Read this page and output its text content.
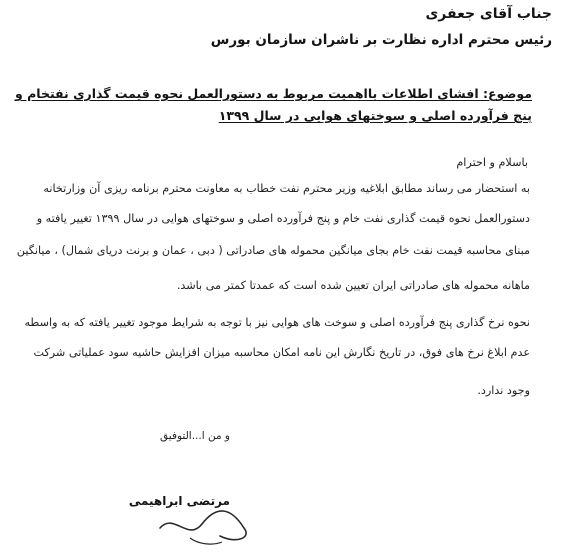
جناب آقای جعفری
رئیس محترم اداره نظارت بر ناشران سازمان بورس
موضوع: افشای اطلاعات بااهمیت مربوط به دستورالعمل نحوه قیمت گذاری نفتخام و
پنج فرآورده اصلی و سوختهای هوایی در سال ۱۳۹۹
باسلام و احترام
به استحضار می رساند مطابق ابلاغیه وزیر محترم نفت خطاب به معاونت محترم برنامه ریزی آن وزارتخانه
دستورالعمل نحوه قیمت گذاری نفت خام و پنج فرآورده اصلی و سوختهای هوایی در سال ۱۳۹۹ تغییر یافته و
مبنای محاسبه قیمت نفت خام بجای میانگین محموله های صادراتی ( دبی ، عمان و برنت دریای شمال) ، میانگین
ماهانه محموله های صادراتی ایران تعیین شده است که عمدتا کمتر می باشد.
نحوه نرخ گذاری پنج فرآورده اصلی و سوخت های هوایی نیز با توجه به شرایط موجود تغییر یافته که به واسطه
عدم ابلاغ نرخ های فوق، در تاریخ نگارش این نامه امکان محاسبه میزان افزایش حاشیه سود عملیاتی شرکت
وجود ندارد.
و من ا...التوفیق
مرتضی ابراهیمی
